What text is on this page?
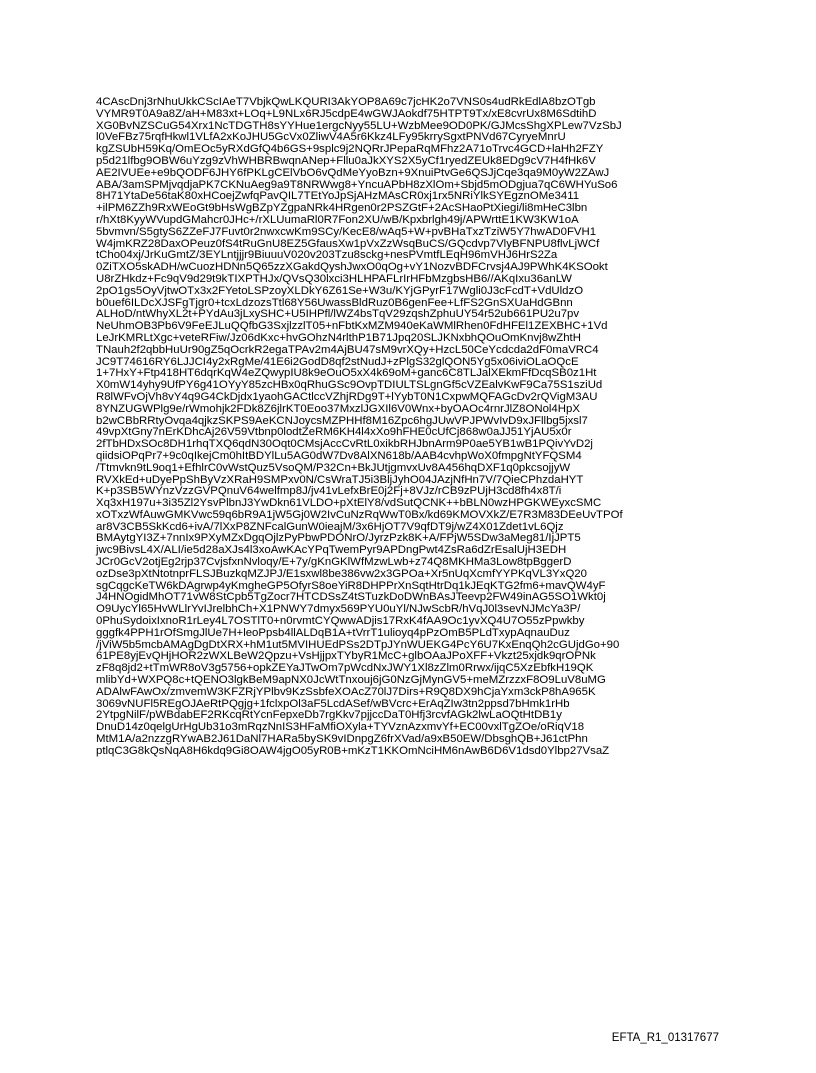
4CAscDnj3rNhuUkkCScIAeT7VbjkQwLKQURI3AkYOP8A69c7jcHK2o7VNS0s4udRkEdlA8bzOTgb
VYMR9T0A9a8Z/aH+M83xt+LOq+L9NLx6RJ5cdpE4wGWJAokdf75HTPT9Tx/xE8cvrUx8M6SdtihD
XG0BvNZSCuG54Xrx1NcTDGTH8sYYHue1ergcNyy55LU+WzbMee9OD0PK/GJMcsShgXPLew7VzSbJ
l0VeFBz75rqfHkwl1VLfA2xKoJHU5GcVx0ZliwV4A5r6Kkz4LFy95krrySgxtPNVd67CyryeMnrU
kgZSUbH59Kq/OmEOc5yRXdGfQ4b6GS+9splc9j2NQRrJPepaRqMFhz2A71oTrvc4GCD+laHh2FZY
p5d21lfbg9OBW6uYzg9zVhWHBRBwqnANep+Fllu0aJkXYS2X5yCf1ryedZEUk8EDg9cV7H4fHk6V
AE2IVUEe+e9bQODF6JHY6fPKLgCElVbO6vQdMeYyoBzn+9XnuiPtvGe6QSJjCqe3qa9M0yW2ZAwJ
ABA/3amSPMjvqdjaPK7CKNuAeg9a9T8NRWwg8+YncuAPbH8zXlOm+Sbjd5mODgjua7qC6WHYuSo6
8H71YtaDe56taK80xHCoejZwfqPavQIL7TEtYoJpSjAHzMAsCR0xj1rx5NRiYlkSYEgznOMe3411
+ilPM6ZZh9RxWEoGt9bHsWgBZpYZgpaNRk4HRgen0r2PSZGtF+2AcSHaoPtXiegi/li8mHeC3lbn
r/hXt8KyyWVupdGMahcr0JHc+/rXLUumaRl0R7Fon2XU/wB/Kpxbrlgh49j/APWrttE1KW3KW1oA
5bvmvn/S5gtyS6ZZeFJ7Fuvt0r2nwxcwKm9SCy/KecE8/wAq5+W+pvBHaTxzTziW5Y7hwAD0FVH1
W4jmKRZ28DaxOPeuz0fS4tRuGnU8EZ5GfausXw1pVxZzWsqBuCS/GQcdvp7VlyBFNPU8flvLjWCf
tCho04xj/JrKuGmtZ/3EYLntjjjr9BiuuuV020v203Tzu8sckg+nesPVmtfLEqH96mVHJ6HrS2Za
0ZiTXO5skADH/wCuozHDNn5Q65zzXGakdQyshJwxO0qOg+vY1NozvBDFCrvsj4AJ9PWhK4KSOokt
U8rZHkdz+Fc9qV9d29t9kTIXPTHJx/QVsQ30lxci3HLHPAFLrIrHFbMzgbsHB6//AKqIxu36anLW
2pO1gs5OyVjtwOTx3x2FYetoLSPzoyXLDkY6Z61Se+W3u/KYjGPyrF17Wgli0J3cFcdT+VdUldzO
b0uef6ILDcXJSFgTjgr0+tcxLdzozsTtl68Y56UwassBldRuz0B6genFee+LfFS2GnSXUaHdGBnn
ALHoD/ntWhyXL2t+PYdAu3jLxySHC+U5IHPfl/lWZ4bsTqV29zqshZphuUY54r52ub661PU2u7pv
NeUhmOB3Pb6V9FeEJLuQQfbG3SxjlzzlT05+nFbtKxMZM940eKaWMlRhen0FdHFEl1ZEXBHC+1Vd
LeJrKMRLtXgc+veteRFiw/Jz06dKxc+hvGOhzN4rlthP1B71Jpq20SLJKNxbhQOuOmKnvj8wZhtH
TNauh2f2qbbHuUr90gZ5qOcrkR2egaTPAv2m4AjBU47sM9vrXQy+HzcL50CeYcdcda2dF0maVRC4
JC9T74616RY6LJJCI4y2xRgMe/41E6i2GodD8qf2stNudJ+zPlgS32glQON5Yg5x06iviOLaOQcE
1+7HxY+Ftp418HT6dqrKqW4eZQwypIU8k9eOuO5xX4k69oM+ganc6C8TLJalXEkmFfDcqSB0z1Ht
X0mW14yhy9UfPY6g41OYyY85zcHBx0qRhuGSc9OvpTDIULTSLgnGf5cVZEalvKwF9Ca75S1sziUd
R8lWFvOjVh8vY4q9G4CkDjdx1yaohGACtlccVZhjRDg9T+lYybT0N1CxpwMQFAGcDv2rQVigM3AU
8YNZUGWPlg9e/rWmohjk2FDk8Z6jlrKT0Eoo37MxzlJGXIl6V0Wnx+byOAOc4rnrJlZ8ONol4HpX
b2wCBbRRtyOvqa4qjkzSKPS9AeKCNJoycsMZPHHf8M16Zpc6hgJUwVPJPWvIvD9xJFllbg5jxsl7
49vpXtGny7nErKDhcAj26V59Vtbnp0lodtZeRM6KH4l4xXo9hFHE0cUfCj868w0aJJ51YjAU5x0r
2fTbHDxSOc8DH1rhqTXQ6qdN30Oqt0CMsjAccCvRtL0xikbRHJbnArm9P0ae5YB1wB1PQivYvD2j
qiidsiOPqPr7+9c0qIkejCm0hItBDYlLu5AG0dW7Dv8AlXN618b/AAB4cvhpWoX0fmpgNtYFQSM4
/Ttmvkn9tL9oq1+EfhlrC0vWstQuz5VsoQM/P32Cn+BkJUtjgmvxUv8A456hqDXF1q0pkcsojjyW
RVXkEd+uDyePpShByVzXRaH9SMPxv0N/CsWraTJ5i3BljJyhO04JAzjNfHn7V/7QieCPhzdaHYT
K+p3SB5WYnzVzzGVPQnuV64welfmp8J/jv41vLefxBrE0j2Fj+8VJz/rCB9zPUjH3cd8fh4x8T/i
Xq3xH197u+3i35Zl2YsvPlbnJ3YwDkn61VLDO+pXtElY8/vdSutQCNK++bBLN0wzHPGKWEyxcSMC
xOTxzWfAuwGMKVwc59q6bR9A1jW5Gj0W2IvCuNzRqWwT0Bx/kd69KMOVXkZ/E7R3M83DEeUvTPOf
ar8V3CB5SkKcd6+ivA/7lXxP8ZNFcalGunW0ieajM/3x6HjOT7V9qfDT9j/wZ4X01Zdet1vL6Qjz
BMAytgYI3Z+7nnIx9PXyMZxDgqOjlzPyPbwPDONrO/JyrzPzk8K+A/FPjW5SDw3aMeg81/IjJPT5
jwc9BivsL4X/ALI/ie5d28aXJs4l3xoAwKAcYPqTwemPyr9APDngPwt4ZsRa6dZrEsalUjH3EDH
JCr0GcV2otjEg2rjp37CvjsfxnNvloqy/E+7y/gKnGKlWfMzwLwb+z74Q8MKHMa3Low8tpBggerD
ozDse3pXtNtotnprFLSJBuzkqMZJPJ/E1sxwl8be386vw2x3GPOa+Xr5nUqXcmfYYPKqVL3YxQ20
sgCqgcKeTW6kDAgrwp4yKmgheGP5OfyrS8oeYiR8DHPPrXnSqtHtrDq1kJEqKTG2fm6+mavQW4yF
J4HNOgidMhOT71vW8StCpb5TgZocr7HTCDSsZ4tSTuzkDoDWnBAsJTeevp2FW49inAG5SO1Wkt0j
O9UycYl65HvWLlrYvIJrelbhCh+X1PNWY7dmyx569PYU0uYl/NJwScbR/hVqJ0l3sevNJMcYa3P/
0PhuSydoixIxnoR1rLey4L7OSTlT0+n0rvmtCYQwwADjis17RxK4fAA9Oc1yvXQ4U7O55zPpwkby
gggfk4PPH1rOfSmgJlUe7H+leoPpsb4llALDqB1A+tVrrT1ulioyq4pPzOmB5PLdTxypAqnauDuz
/jViW5b5mcbAMAgDgDtXRX+hM1ut5MVIHUEdPSs2DTpJYnWUEKG4PcY6U7KxEnqQh2cGUjdGo+90
61PE8yjEvQHjHOR2zWXLBeW2Qpzu+VsHjjpxTYbyR1McC+glbOAaJPoXFF+Vkzt25xjdk9qrOPNk
zF8q8jd2+tTmWR8oV3g5756+opkZEYaJTwOm7pWcdNxJWY1Xl8zZlm0Rrwx/ijqC5XzEbfkH19QK
mlibYd+WXPQ8c+tQENO3lgkBeM9apNX0JcWtTnxouj6jG0NzGjMynGV5+meMZrzzxF8O9LuV8uMG
ADAlwFAwOx/zmvemW3KFZRjYPlbv9KzSsbfeXOAcZ70lJ7Dirs+R9Q8DX9hCjaYxm3ckP8hA965K
3069vNUFl5REgOJAeRtPQgjg+1fclxpOl3aF5LcdASef/wBVcrc+ErAqZIw3tn2ppsd7bHmk1rHb
2YtpgNilF/pWBdabEF2RKcqRtYcnFepxeDb7rgKkv7pjjccDaT0Hfj3rcvfAGk2lwLaOQtHtDB1y
DnuD14z0qelgUrHgUb31o3mRqzNnIS3HFaMfiOXyla+TYVznAzxmvYf+EC00vxlTgZOe/oRiqV18
MtM1A/a2nzzgRYwAB2J61DaNl7HARa5bySK9vIDnpgZ6frXVad/a9xB50EW/DbsghQB+J61ctPhn
ptlqC3G8kQsNqA8H6kdq9Gi8OAW4jgO05yR0B+mKzT1KKOmNciHM6nAwB6D6V1dsd0Ylbp27VsaZ
EFTA_R1_01317677
